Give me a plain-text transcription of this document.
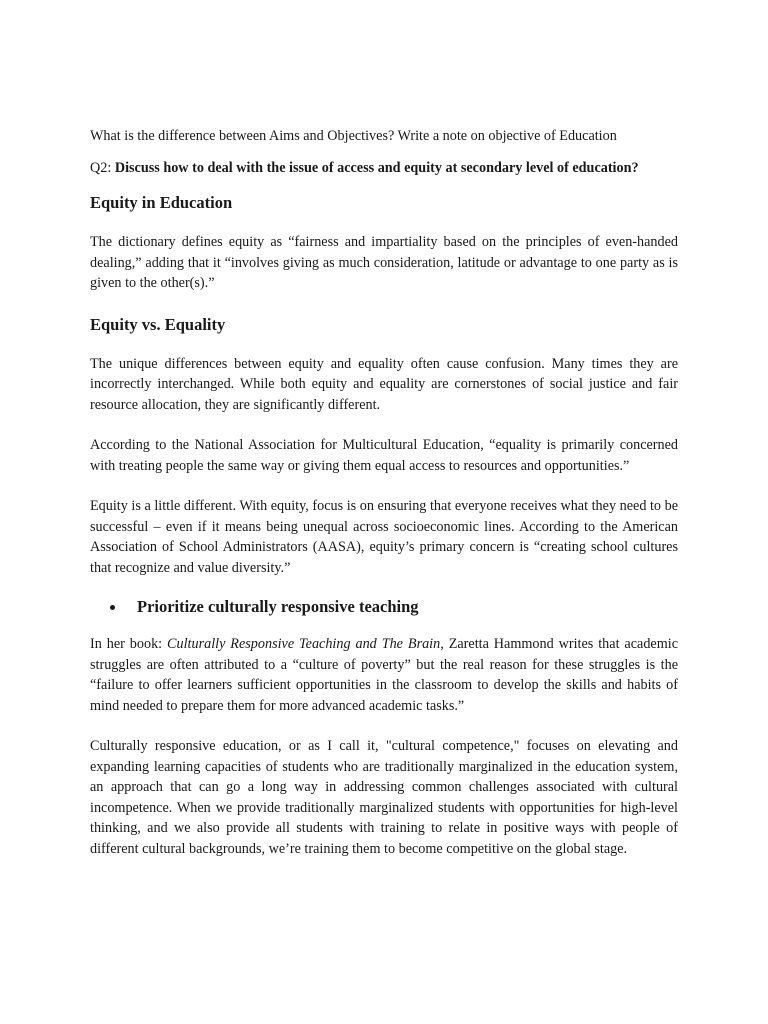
What is the difference between Aims and Objectives? Write a note on objective of Education

Q2: Discuss how to deal with the issue of access and equity at secondary level of education?

Equity in Education

The dictionary defines equity as “fairness and impartiality based on the principles of even-handed dealing,” adding that it “involves giving as much consideration, latitude or advantage to one party as is given to the other(s).”

Equity vs. Equality

The unique differences between equity and equality often cause confusion. Many times they are incorrectly interchanged. While both equity and equality are cornerstones of social justice and fair resource allocation, they are significantly different.

According to the National Association for Multicultural Education, “equality is primarily concerned with treating people the same way or giving them equal access to resources and opportunities.”

Equity is a little different. With equity, focus is on ensuring that everyone receives what they need to be successful – even if it means being unequal across socioeconomic lines. According to the American Association of School Administrators (AASA), equity’s primary concern is “creating school cultures that recognize and value diversity.”

Prioritize culturally responsive teaching

In her book: Culturally Responsive Teaching and The Brain, Zaretta Hammond writes that academic struggles are often attributed to a “culture of poverty” but the real reason for these struggles is the “failure to offer learners sufficient opportunities in the classroom to develop the skills and habits of mind needed to prepare them for more advanced academic tasks.”

Culturally responsive education, or as I call it, "cultural competence," focuses on elevating and expanding learning capacities of students who are traditionally marginalized in the education system, an approach that can go a long way in addressing common challenges associated with cultural incompetence. When we provide traditionally marginalized students with opportunities for high-level thinking, and we also provide all students with training to relate in positive ways with people of different cultural backgrounds, we’re training them to become competitive on the global stage.
